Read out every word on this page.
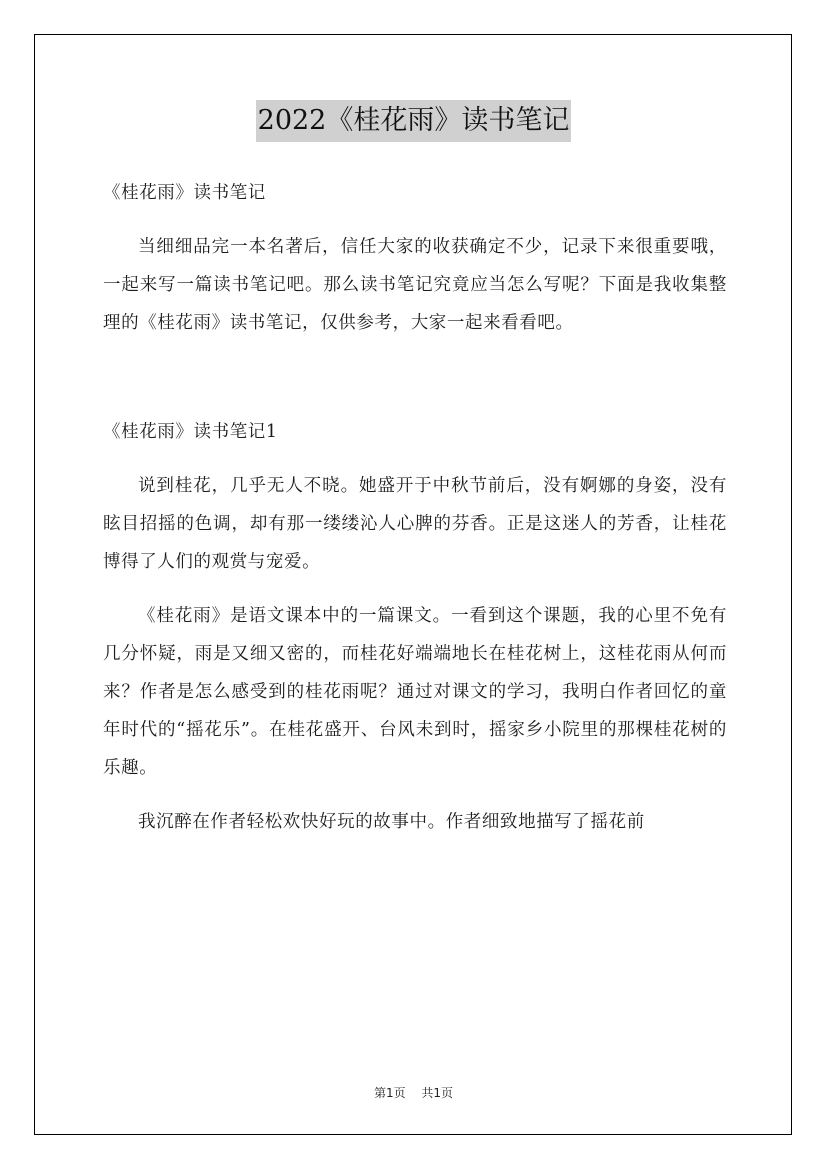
2022《桂花雨》读书笔记

《桂花雨》读书笔记

当细细品完一本名著后，信任大家的收获确定不少，记录下来很重要哦，一起来写一篇读书笔记吧。那么读书笔记究竟应当怎么写呢？下面是我收集整理的《桂花雨》读书笔记，仅供参考，大家一起来看看吧。

《桂花雨》读书笔记1

说到桂花，几乎无人不晓。她盛开于中秋节前后，没有婀娜的身姿，没有眩目招摇的色调，却有那一缕缕沁人心脾的芬香。正是这迷人的芳香，让桂花博得了人们的观赏与宠爱。

《桂花雨》是语文课本中的一篇课文。一看到这个课题，我的心里不免有几分怀疑，雨是又细又密的，而桂花好端端地长在桂花树上，这桂花雨从何而来？作者是怎么感受到的桂花雨呢？通过对课文的学习，我明白作者回忆的童年时代的“摇花乐”。在桂花盛开、台风未到时，摇家乡小院里的那棵桂花树的乐趣。

我沉醉在作者轻松欢快好玩的故事中。作者细致地描写了摇花前

第1页 共1页
